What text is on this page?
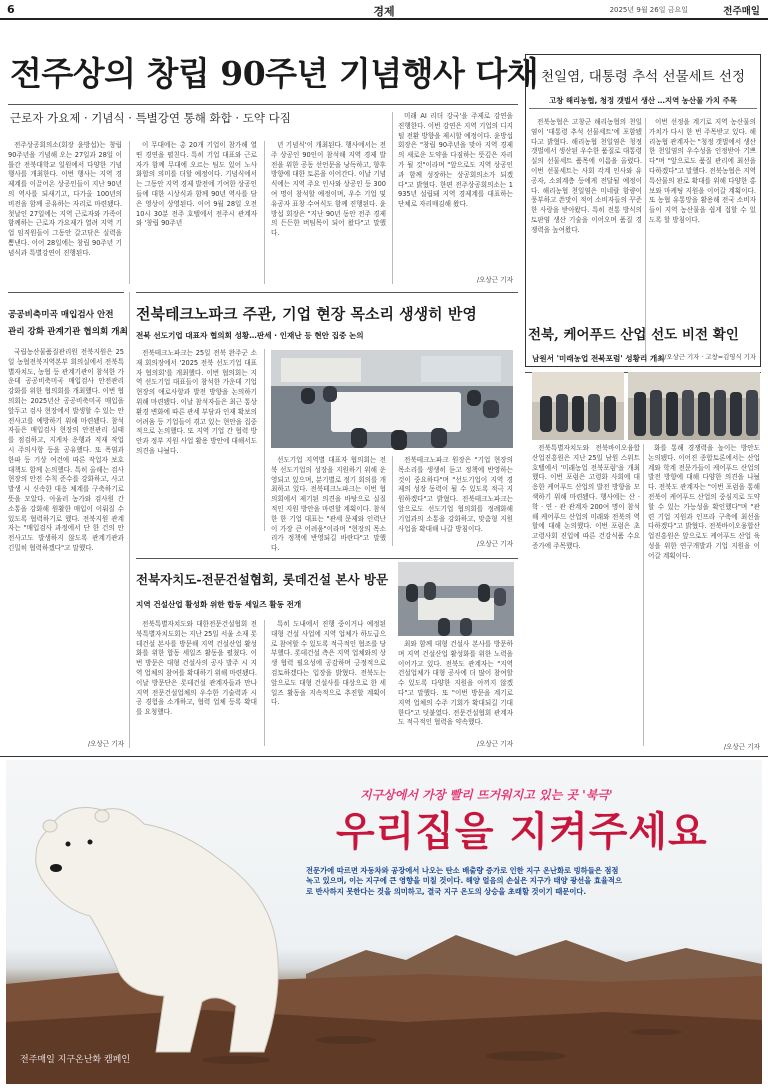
6	경제	2025년 9월 26일 금요일	전주매일
전주상의 창립 90주년 기념행사 다채
근로자 가요제 · 기념식 · 특별강연 통해 화합 · 도약 다짐

전주상공회의소(회장 윤방섭)는 창립 90주년을 기념해 오는 27일과 28일 이틀간 전북대학교 일원에서 다양한 기념행사를 개최한다. 이번 행사는 지역 경제계를 이끌어온 상공인들이 지난 90년의 역사를 되새기고, 다가올 100년의 비전을 함께 공유하는 자리로 마련됐다. 첫날인 27일에는 지역 근로자와 가족이 함께하는 근로자 가요제가 열려 지역 기업 임직원들이 그동안 갈고닦은 실력을 뽐낸다. 이어 28일에는 창립 90주년 기념식과 특별강연이 진행된다.

이 무대에는 총 20개 기업이 참가해 열띤 경연을 펼친다. 특히 기업 대표와 근로자가 함께 무대에 오르는 팀도 있어 노사 화합의 의미를 더할 예정이다. 기념식에서는 그동안 지역 경제 발전에 기여한 상공인들에 대한 시상식과 함께 90년 역사를 담은 영상이 상영된다. 이어 9월 28일 오전 10시 30분 전주 호텔에서 전주시 관계자와 '창립 90주년

년 기념식'이 개최된다. 행사에서는 전주 상공인 90인이 참석해 지역 경제 발전을 위한 공동 선언문을 낭독하고, 향후 방향에 대한 토론을 이어간다. 이날 기념식에는 지역 주요 인사와 상공인 등 300여 명이 참석할 예정이며, 우수 기업 및 유공자 표창 수여식도 함께 진행된다. 윤방섭 회장은 "지난 90년 동안 전주 경제의 든든한 버팀목이 되어 왔다"고 말했다.

미래 AI 리더 강국'을 주제로 강연을 진행한다. 이번 강연은 지역 기업의 디지털 전환 방향을 제시할 예정이다. 윤방섭 회장은 "창립 90주년을 맞아 지역 경제의 새로운 도약을 다짐하는 뜻깊은 자리가 될 것"이라며 "앞으로도 지역 상공인과 함께 성장하는 상공회의소가 되겠다"고 밝혔다. 한편 전주상공회의소는 1935년 설립돼 지역 경제계를 대표하는 단체로 자리매김해 왔다.

/오상근 기자
천일염, 대통령 추석 선물세트 선정
고창 해리농협, 청정 갯벌서 생산 …지역 농산물 가치 주목

전북농협은 고창군 해리농협의 천일염이 '대통령 추석 선물세트'에 포함됐다고 밝혔다. 해리농협 천일염은 청정 갯벌에서 생산된 우수한 품질로 대통령실의 선물세트 품목에 이름을 올렸다. 이번 선물세트는 사회 각계 인사와 유공자, 소외계층 등에게 전달될 예정이다. 해리농협 천일염은 미네랄 함량이 풍부하고 쓴맛이 적어 소비자들의 꾸준한 사랑을 받아왔다. 특히 전통 방식의 토판염 생산 기술을 이어오며 품질 경쟁력을 높여왔다.

이번 선정을 계기로 지역 농산물의 가치가 다시 한 번 주목받고 있다. 해리농협 관계자는 "청정 갯벌에서 생산한 천일염의 우수성을 인정받아 기쁘다"며 "앞으로도 품질 관리에 최선을 다하겠다"고 말했다. 전북농협은 지역 특산물의 판로 확대를 위해 다양한 홍보와 마케팅 지원을 이어갈 계획이다. 또 농협 유통망을 활용해 전국 소비자들이 지역 농산물을 쉽게 접할 수 있도록 할 방침이다.

/오상근 기자 · 고창=김영식 기자
공공비축미곡 매입검사 안전
관리 강화 관계기관 협의회 개최

국립농산물품질관리원 전북지원은 25일 농협전북지역본부 회의실에서 전북특별자치도, 농협 등 관계기관이 참석한 가운데 공공비축미곡 매입검사 안전관리 강화를 위한 협의회를 개최했다. 이번 협의회는 2025년산 공공비축미곡 매입을 앞두고 검사 현장에서 발생할 수 있는 안전사고를 예방하기 위해 마련됐다. 참석자들은 매입검사 현장의 안전관리 실태를 점검하고, 지게차 운행과 적재 작업 시 주의사항 등을 공유했다. 또 폭염과 한파 등 기상 여건에 따른 작업자 보호 대책도 함께 논의했다. 특히 올해는 검사 현장의 안전 수칙 준수를 강화하고, 사고 발생 시 신속한 대응 체계를 구축하기로 뜻을 모았다. 아울러 농가와 검사원 간 소통을 강화해 원활한 매입이 이뤄질 수 있도록 협력하기로 했다. 전북지원 관계자는 "매입검사 과정에서 단 한 건의 안전사고도 발생하지 않도록 관계기관과 긴밀히 협력하겠다"고 말했다.

/오상근 기자
전북테크노파크 주관, 기업 현장 목소리 생생히 반영
전북 선도기업 대표자 협의회 성황…판세 · 인재난 등 현안 집중 논의

전북테크노파크는 25일 전북 완주군 소재 회의장에서 '2025 전북 선도기업 대표자 협의회'를 개최했다. 이번 협의회는 지역 선도기업 대표들이 참석한 가운데 기업 현장의 애로사항과 발전 방향을 논의하기 위해 마련됐다. 이날 참석자들은 최근 통상 환경 변화에 따른 관세 부담과 인재 확보의 어려움 등 기업들이 겪고 있는 현안을 집중적으로 논의했다. 또 지역 기업 간 협력 방안과 정부 지원 사업 활용 방안에 대해서도 의견을 나눴다.

선도기업 지역별 대표자 협의회는 전북 선도기업의 성장을 지원하기 위해 운영되고 있으며, 분기별로 정기 회의를 개최하고 있다. 전북테크노파크는 이번 협의회에서 제기된 의견을 바탕으로 실질적인 지원 방안을 마련할 계획이다. 참석한 한 기업 대표는 "관세 문제와 인력난이 가장 큰 어려움"이라며 "현장의 목소리가 정책에 반영되길 바란다"고 말했다.

전북테크노파크 원장은 "기업 현장의 목소리를 생생히 듣고 정책에 반영하는 것이 중요하다"며 "선도기업이 지역 경제의 성장 동력이 될 수 있도록 적극 지원하겠다"고 밝혔다. 전북테크노파크는 앞으로도 선도기업 협의회를 정례화해 기업과의 소통을 강화하고, 맞춤형 지원 사업을 확대해 나갈 방침이다.

/오상근 기자
전북, 케어푸드 산업 선도 비전 확인
남원서 '미래농업 전북포럼' 성황리 개최

전북특별자치도와 전북바이오융합산업진흥원은 지난 25일 남원 스위트호텔에서 '미래농업 전북포럼'을 개최했다. 이번 포럼은 고령화 사회에 대응한 케어푸드 산업의 발전 방향을 모색하기 위해 마련됐다. 행사에는 산 · 학 · 연 · 관 관계자 200여 명이 참석해 케어푸드 산업의 미래와 전북의 역할에 대해 논의했다. 이번 포럼은 초고령사회 진입에 따른 건강식품 수요 증가에 주목했다.

화를 통해 경쟁력을 높이는 방안도 논의됐다. 이어진 종합토론에서는 산업계와 학계 전문가들이 케어푸드 산업의 발전 방향에 대해 다양한 의견을 나눴다. 전북도 관계자는 "이번 포럼을 통해 전북이 케어푸드 산업의 중심지로 도약할 수 있는 가능성을 확인했다"며 "관련 기업 지원과 인프라 구축에 최선을 다하겠다"고 밝혔다. 전북바이오융합산업진흥원은 앞으로도 케어푸드 산업 육성을 위한 연구개발과 기업 지원을 이어갈 계획이다.

/오상근 기자
전북자치도-전문건설협회, 롯데건설 본사 방문
지역 건설산업 활성화 위한 합동 세일즈 활동 전개

전북특별자치도와 대한전문건설협회 전북특별자치도회는 지난 25일 서울 소재 롯데건설 본사를 방문해 지역 건설산업 활성화를 위한 합동 세일즈 활동을 펼쳤다. 이번 방문은 대형 건설사의 공사 발주 시 지역 업체의 참여를 확대하기 위해 마련됐다. 이날 방문단은 롯데건설 관계자들과 만나 지역 전문건설업체의 우수한 기술력과 시공 경험을 소개하고, 협력 업체 등록 확대를 요청했다.

특히 도내에서 진행 중이거나 예정된 대형 건설 사업에 지역 업체가 하도급으로 참여할 수 있도록 적극적인 협조를 당부했다. 롯데건설 측은 지역 업체와의 상생 협력 필요성에 공감하며 긍정적으로 검토하겠다는 입장을 밝혔다. 전북도는 앞으로도 대형 건설사를 대상으로 한 세일즈 활동을 지속적으로 추진할 계획이다.

최와 함께 대형 건설사 본사를 방문하며 지역 건설산업 활성화를 위한 노력을 이어가고 있다. 전북도 관계자는 "지역 건설업체가 대형 공사에 더 많이 참여할 수 있도록 다양한 지원을 아끼지 않겠다"고 말했다. 또 "이번 방문을 계기로 지역 업체의 수주 기회가 확대되길 기대한다"고 덧붙였다. 전문건설협회 관계자도 적극적인 협력을 약속했다.

/오상근 기자
지구상에서 가장 빨리 뜨거워지고 있는 곳 '북극'
우리집을 지켜주세요
전문가에 따르면 자동차와 공장에서 나오는 탄소 배출량 증가로 인한 지구 온난화로 빙하들은 점점
녹고 있으며, 이는 지구에 큰 영향을 미칠 것이다. 해양 얼음의 손실은 지구가 태양 광선을 효율적으
로 반사하지 못한다는 것을 의미하고, 결국 지구 온도의 상승을 초래할 것이기 때문이다.
전주매일 지구온난화 캠페인
